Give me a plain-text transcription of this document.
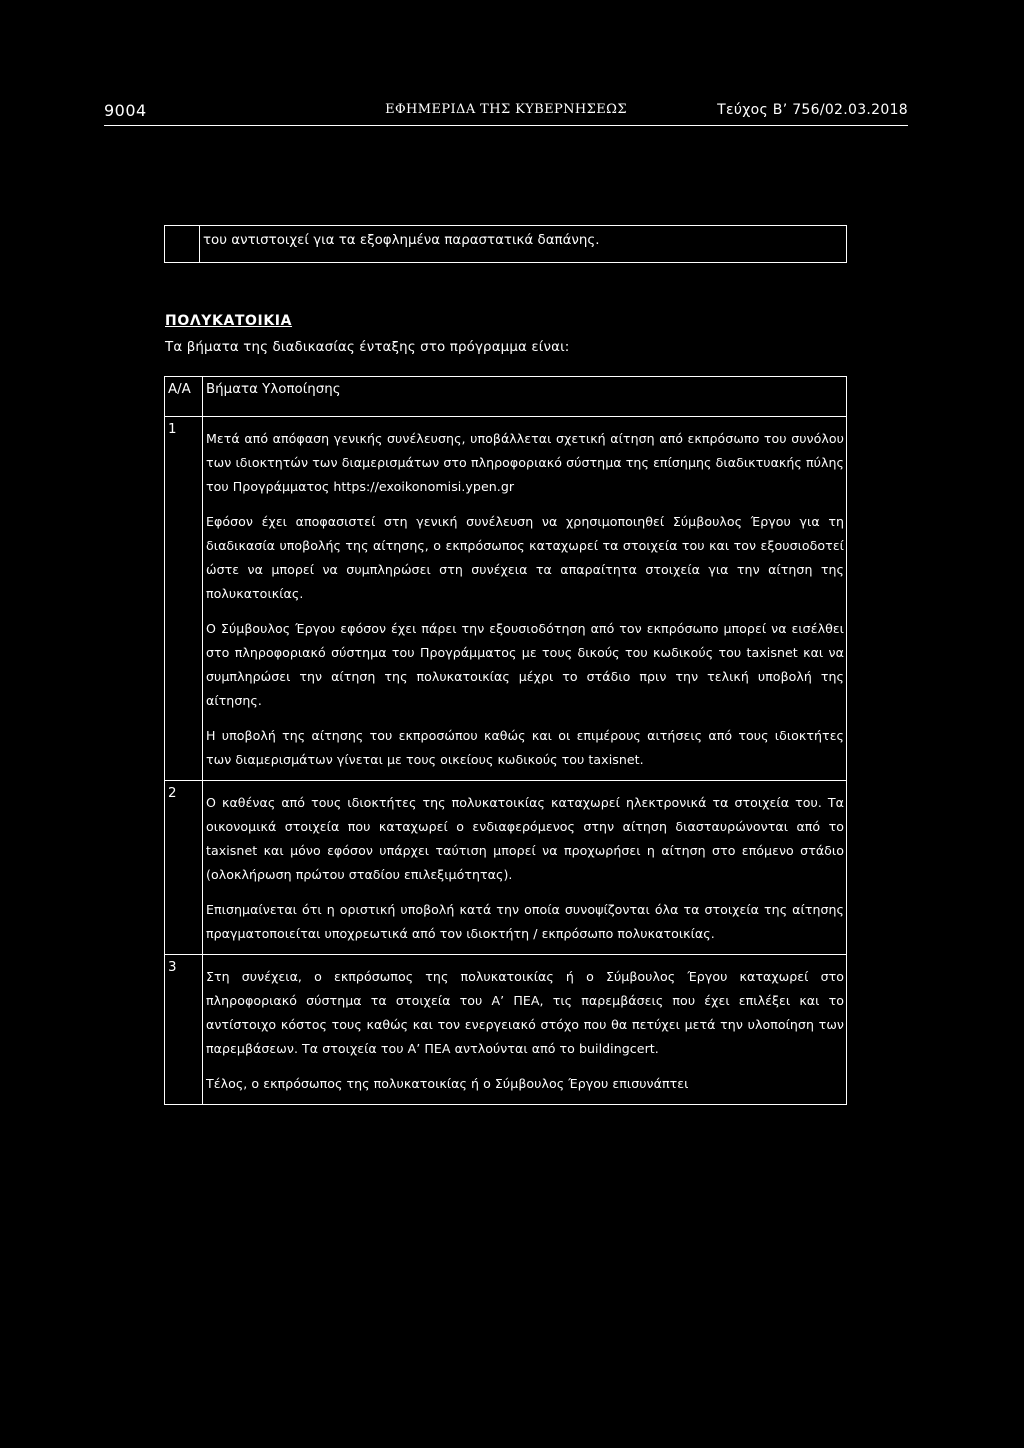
9004	ΕΦΗΜΕΡΙΔΑ ΤΗΣ ΚΥΒΕΡΝΗΣΕΩΣ	Τεύχος Β’ 756/02.03.2018
	του αντιστοιχεί για τα εξοφλημένα παραστατικά δαπάνης.
ΠΟΛΥΚΑΤΟΙΚΙΑ
Τα βήματα της διαδικασίας ένταξης στο πρόγραμμα είναι:
Α/Α	Βήματα Υλοποίησης
1	Μετά από απόφαση γενικής συνέλευσης, υποβάλλεται σχετική αίτηση από εκπρόσωπο του συνόλου των ιδιοκτητών των διαμερισμάτων στο πληροφοριακό σύστημα της επίσημης διαδικτυακής πύλης του Προγράμματος https://exoikonomisi.ypen.gr

Εφόσον έχει αποφασιστεί στη γενική συνέλευση να χρησιμοποιηθεί Σύμβουλος Έργου για τη διαδικασία υποβολής της αίτησης, ο εκπρόσωπος καταχωρεί τα στοιχεία του και τον εξουσιοδοτεί ώστε να μπορεί να συμπληρώσει στη συνέχεια τα απαραίτητα στοιχεία για την αίτηση της πολυκατοικίας.

Ο Σύμβουλος Έργου εφόσον έχει πάρει την εξουσιοδότηση από τον εκπρόσωπο μπορεί να εισέλθει στο πληροφοριακό σύστημα του Προγράμματος με τους δικούς του κωδικούς του taxisnet και να συμπληρώσει την αίτηση της πολυκατοικίας μέχρι το στάδιο πριν την τελική υποβολή της αίτησης.

Η υποβολή της αίτησης του εκπροσώπου καθώς και οι επιμέρους αιτήσεις από τους ιδιοκτήτες των διαμερισμάτων γίνεται με τους οικείους κωδικούς του taxisnet.

2	Ο καθένας από τους ιδιοκτήτες της πολυκατοικίας καταχωρεί ηλεκτρονικά τα στοιχεία του. Τα οικονομικά στοιχεία που καταχωρεί ο ενδιαφερόμενος στην αίτηση διασταυρώνονται από το taxisnet και μόνο εφόσον υπάρχει ταύτιση μπορεί να προχωρήσει η αίτηση στο επόμενο στάδιο (ολοκλήρωση πρώτου σταδίου επιλεξιμότητας).

Επισημαίνεται ότι η οριστική υποβολή κατά την οποία συνοψίζονται όλα τα στοιχεία της αίτησης πραγματοποιείται υποχρεωτικά από τον ιδιοκτήτη / εκπρόσωπο πολυκατοικίας.

3	Στη συνέχεια, ο εκπρόσωπος της πολυκατοικίας ή ο Σύμβουλος Έργου καταχωρεί στο πληροφοριακό σύστημα τα στοιχεία του Α’ ΠΕΑ, τις παρεμβάσεις που έχει επιλέξει και το αντίστοιχο κόστος τους καθώς και τον ενεργειακό στόχο που θα πετύχει μετά την υλοποίηση των παρεμβάσεων. Τα στοιχεία του Α’ ΠΕΑ αντλούνται από το buildingcert.

Τέλος, ο εκπρόσωπος της πολυκατοικίας ή ο Σύμβουλος Έργου επισυνάπτει
